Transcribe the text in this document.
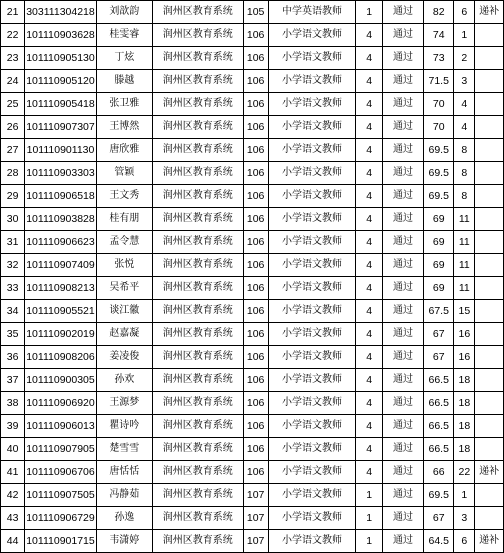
21	303111304218	刘歆韵	润州区教育系统	105	中学英语教师	1	通过	82	6	递补
22	101110903628	桂雯睿	润州区教育系统	106	小学语文教师	4	通过	74	1	
23	101110905130	丁炫	润州区教育系统	106	小学语文教师	4	通过	73	2	
24	101110905120	滕越	润州区教育系统	106	小学语文教师	4	通过	71.5	3	
25	101110905418	张卫雅	润州区教育系统	106	小学语文教师	4	通过	70	4	
26	101110907307	王博然	润州区教育系统	106	小学语文教师	4	通过	70	4	
27	101110901130	唐欣雅	润州区教育系统	106	小学语文教师	4	通过	69.5	8	
28	101110903303	管颖	润州区教育系统	106	小学语文教师	4	通过	69.5	8	
29	101110906518	王文秀	润州区教育系统	106	小学语文教师	4	通过	69.5	8	
30	101110903828	桂有朋	润州区教育系统	106	小学语文教师	4	通过	69	11	
31	101110906623	孟令慧	润州区教育系统	106	小学语文教师	4	通过	69	11	
32	101110907409	张悦	润州区教育系统	106	小学语文教师	4	通过	69	11	
33	101110908213	吴希平	润州区教育系统	106	小学语文教师	4	通过	69	11	
34	101110905521	谈江徽	润州区教育系统	106	小学语文教师	4	通过	67.5	15	
35	101110902019	赵嘉凝	润州区教育系统	106	小学语文教师	4	通过	67	16	
36	101110908206	姜凌俊	润州区教育系统	106	小学语文教师	4	通过	67	16	
37	101110900305	孙欢	润州区教育系统	106	小学语文教师	4	通过	66.5	18	
38	101110906920	王源梦	润州区教育系统	106	小学语文教师	4	通过	66.5	18	
39	101110906013	瞿诗吟	润州区教育系统	106	小学语文教师	4	通过	66.5	18	
40	101110907905	楚雪雪	润州区教育系统	106	小学语文教师	4	通过	66.5	18	
41	101110906706	唐恬恬	润州区教育系统	106	小学语文教师	4	通过	66	22	递补
42	101110907505	冯静茹	润州区教育系统	107	小学语文教师	1	通过	69.5	1	
43	101110906729	孙逸	润州区教育系统	107	小学语文教师	1	通过	67	3	
44	101110901715	韦潇婷	润州区教育系统	107	小学语文教师	1	通过	64.5	6	递补
